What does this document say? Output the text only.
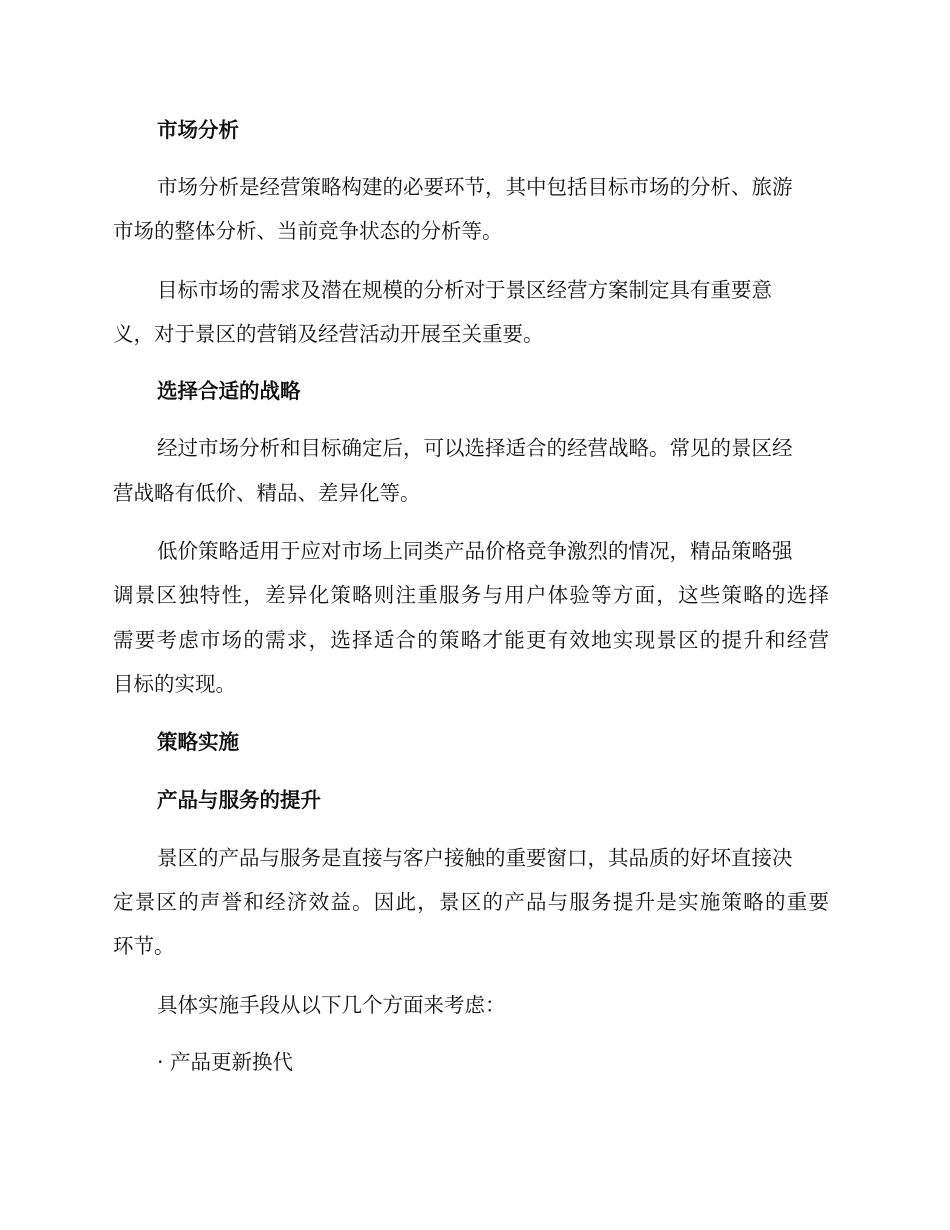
市场分析

市场分析是经营策略构建的必要环节，其中包括目标市场的分析、旅游

市场的整体分析、当前竞争状态的分析等。

目标市场的需求及潜在规模的分析对于景区经营方案制定具有重要意

义，对于景区的营销及经营活动开展至关重要。

选择合适的战略

经过市场分析和目标确定后，可以选择适合的经营战略。常见的景区经

营战略有低价、精品、差异化等。

低价策略适用于应对市场上同类产品价格竞争激烈的情况，精品策略强

调景区独特性，差异化策略则注重服务与用户体验等方面，这些策略的选择

需要考虑市场的需求，选择适合的策略才能更有效地实现景区的提升和经营

目标的实现。

策略实施

产品与服务的提升

景区的产品与服务是直接与客户接触的重要窗口，其品质的好坏直接决

定景区的声誉和经济效益。因此，景区的产品与服务提升是实施策略的重要

环节。

具体实施手段从以下几个方面来考虑：

· 产品更新换代
